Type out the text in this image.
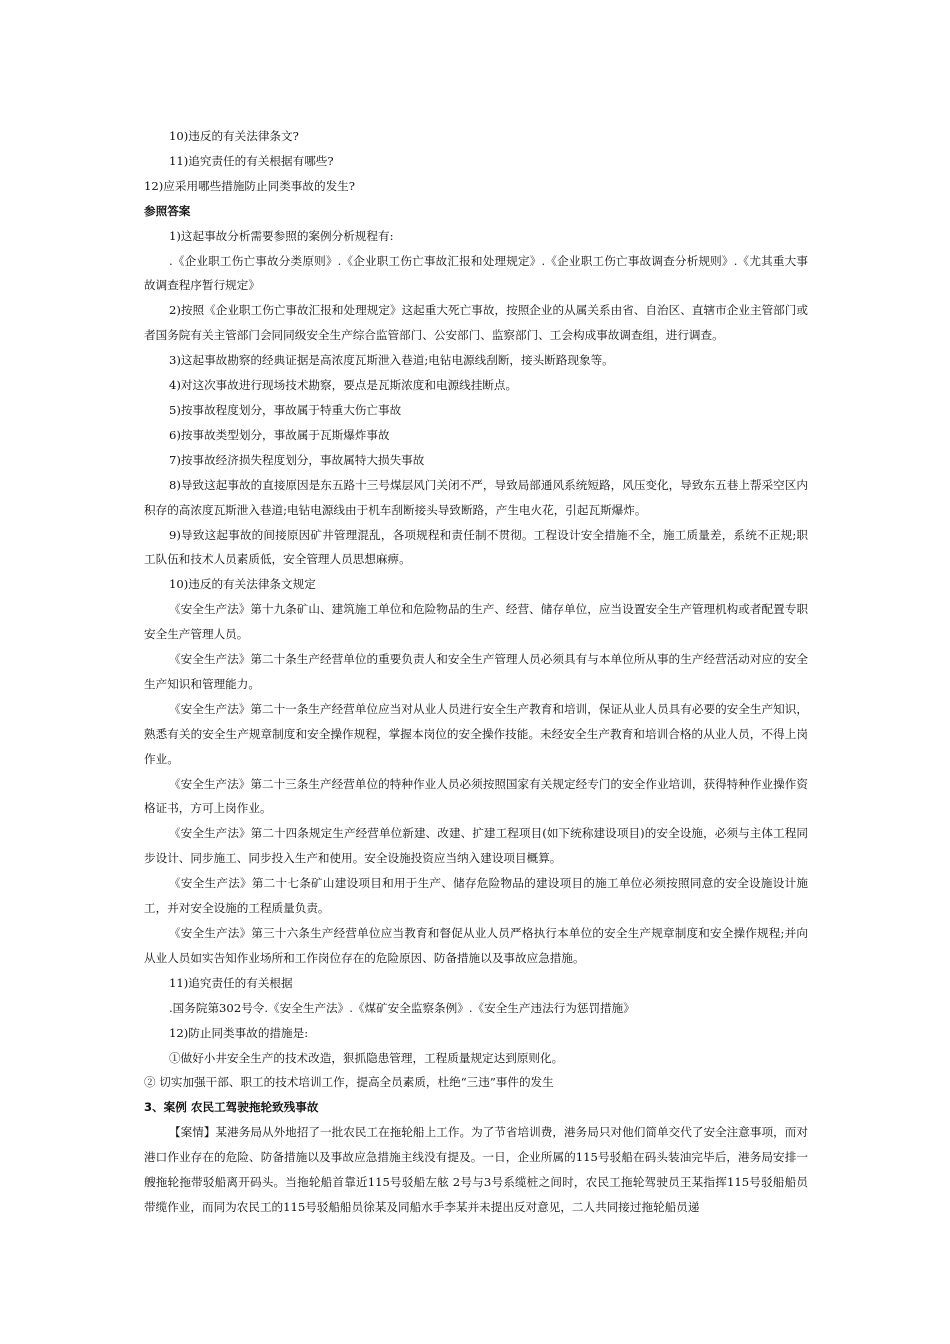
10)违反的有关法律条文?

11)追究责任的有关根据有哪些?

12)应采用哪些措施防止同类事故的发生?

参照答案

1)这起事故分析需要参照的案例分析规程有:

.《企业职工伤亡事故分类原则》.《企业职工伤亡事故汇报和处理规定》.《企业职工伤亡事故调查分析规则》.《尤其重大事故调查程序暂行规定》

2)按照《企业职工伤亡事故汇报和处理规定》这起重大死亡事故，按照企业的从属关系由省、自治区、直辖市企业主管部门或者国务院有关主管部门会同同级安全生产综合监管部门、公安部门、监察部门、工会构成事故调查组，进行调查。

3)这起事故勘察的经典证据是高浓度瓦斯泄入巷道;电钻电源线刮断，接头断路现象等。

4)对这次事故进行现场技术勘察，要点是瓦斯浓度和电源线挂断点。

5)按事故程度划分，事故属于特重大伤亡事故

6)按事故类型划分，事故属于瓦斯爆炸事故

7)按事故经济损失程度划分，事故属特大损失事故

8)导致这起事故的直接原因是东五路十三号煤层风门关闭不严，导致局部通风系统短路，风压变化，导致东五巷上帮采空区内积存的高浓度瓦斯泄入巷道;电钻电源线由于机车刮断接头导致断路，产生电火花，引起瓦斯爆炸。

9)导致这起事故的间接原因矿井管理混乱，各项规程和责任制不贯彻。工程设计安全措施不全，施工质量差，系统不正规;职工队伍和技术人员素质低，安全管理人员思想麻痹。

10)违反的有关法律条文规定

《安全生产法》第十九条矿山、建筑施工单位和危险物品的生产、经营、储存单位，应当设置安全生产管理机构或者配置专职安全生产管理人员。

《安全生产法》第二十条生产经营单位的重要负责人和安全生产管理人员必须具有与本单位所从事的生产经营活动对应的安全生产知识和管理能力。

《安全生产法》第二十一条生产经营单位应当对从业人员进行安全生产教育和培训，保证从业人员具有必要的安全生产知识，熟悉有关的安全生产规章制度和安全操作规程，掌握本岗位的安全操作技能。未经安全生产教育和培训合格的从业人员，不得上岗作业。

《安全生产法》第二十三条生产经营单位的特种作业人员必须按照国家有关规定经专门的安全作业培训，获得特种作业操作资格证书，方可上岗作业。

《安全生产法》第二十四条规定生产经营单位新建、改建、扩建工程项目(如下统称建设项目)的安全设施，必须与主体工程同步设计、同步施工、同步投入生产和使用。安全设施投资应当纳入建设项目概算。

《安全生产法》第二十七条矿山建设项目和用于生产、储存危险物品的建设项目的施工单位必须按照同意的安全设施设计施工，并对安全设施的工程质量负责。

《安全生产法》第三十六条生产经营单位应当教育和督促从业人员严格执行本单位的安全生产规章制度和安全操作规程;并向从业人员如实告知作业场所和工作岗位存在的危险原因、防备措施以及事故应急措施。

11)追究责任的有关根据

.国务院第302号令.《安全生产法》.《煤矿安全监察条例》.《安全生产违法行为惩罚措施》

12)防止同类事故的措施是:

①做好小井安全生产的技术改造，狠抓隐患管理，工程质量规定达到原则化。

② 切实加强干部、职工的技术培训工作，提高全员素质，杜绝“三违”事件的发生

3、案例 农民工驾驶拖轮致残事故

【案情】某港务局从外地招了一批农民工在拖轮船上工作。为了节省培训费，港务局只对他们简单交代了安全注意事项，而对港口作业存在的危险、防备措施以及事故应急措施主线没有提及。一日，企业所属的115号驳船在码头装油完毕后，港务局安排一艘拖轮拖带驳船离开码头。当拖轮船首靠近115号驳船左舷 2号与3号系缆桩之间时，农民工拖轮驾驶员王某指挥115号驳船船员带缆作业，而同为农民工的115号驳船船员徐某及同船水手李某并未提出反对意见，二人共同接过拖轮船员递
